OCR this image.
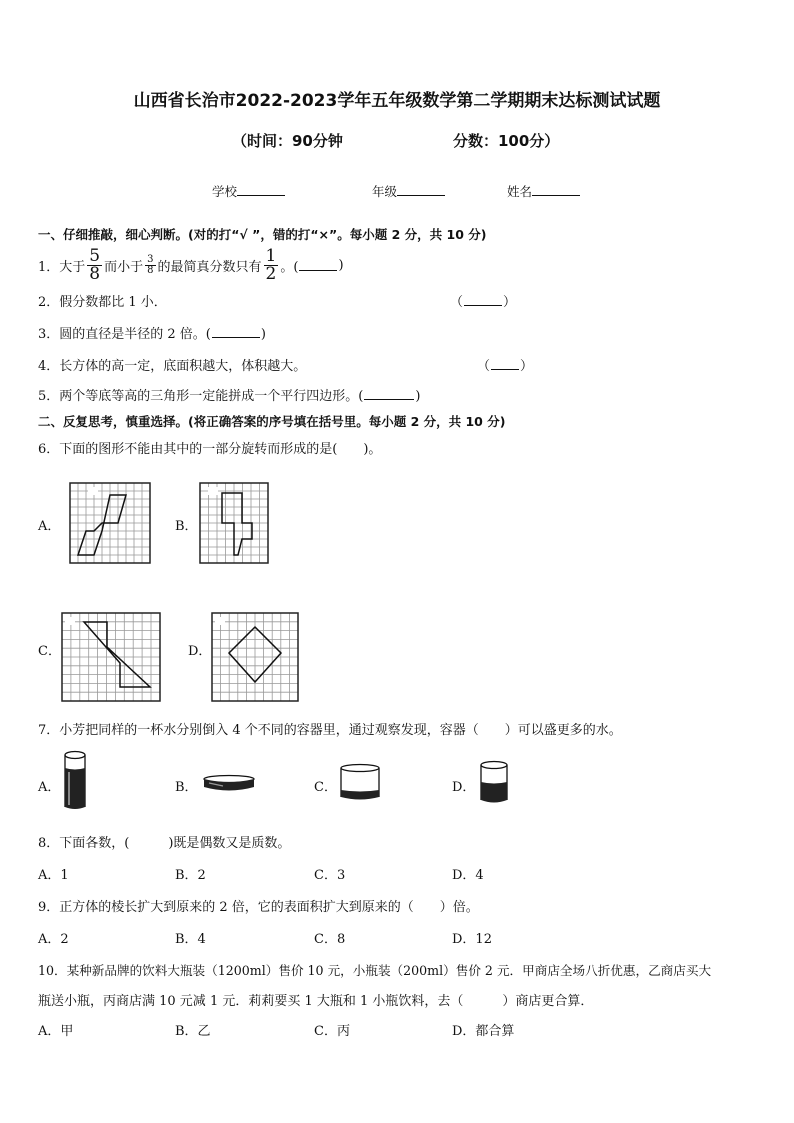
山西省长治市2022-2023学年五年级数学第二学期期末达标测试试题
（时间：90分钟	分数：100分）
学校	年级	姓名
一、仔细推敲，细心判断。(对的打“√ ”，错的打“×”。每小题 2 分，共 10 分)
1． 大于 $\frac{5}{8}$ 而小于 $\frac{3}{8}$ 的最简真分数只有 $\frac{1}{2}$ 。(	)
2．假分数都比 1 小．	（	）
3．圆的直径是半径的 2 倍。(	)
4．长方体的高一定，底面积越大，体积越大。	（ ）
5．两个等底等高的三角形一定能拼成一个平行四边形。(	)
二、反复思考，慎重选择。(将正确答案的序号填在括号里。每小题 2 分，共 10 分)
6．下面的图形不能由其中的一部分旋转而形成的是(　　)。
A．	B．
C．	D．
7．小芳把同样的一杯水分别倒入 4 个不同的容器里，通过观察发现，容器（　　）可以盛更多的水。
A．	B．	C．	D．
8．下面各数，(　　　)既是偶数又是质数。
A．1	B．2	C．3	D．4
9．正方体的棱长扩大到原来的 2 倍，它的表面积扩大到原来的（　　）倍。
A．2	B．4	C．8	D．12
10．某种新品牌的饮料大瓶装（1200ml）售价 10 元，小瓶装（200ml）售价 2 元．甲商店全场八折优惠，乙商店买大
瓶送小瓶，丙商店满 10 元减 1 元．莉莉要买 1 大瓶和 1 小瓶饮料，去（　　　）商店更合算．
A．甲	B．乙	C．丙	D．都合算
